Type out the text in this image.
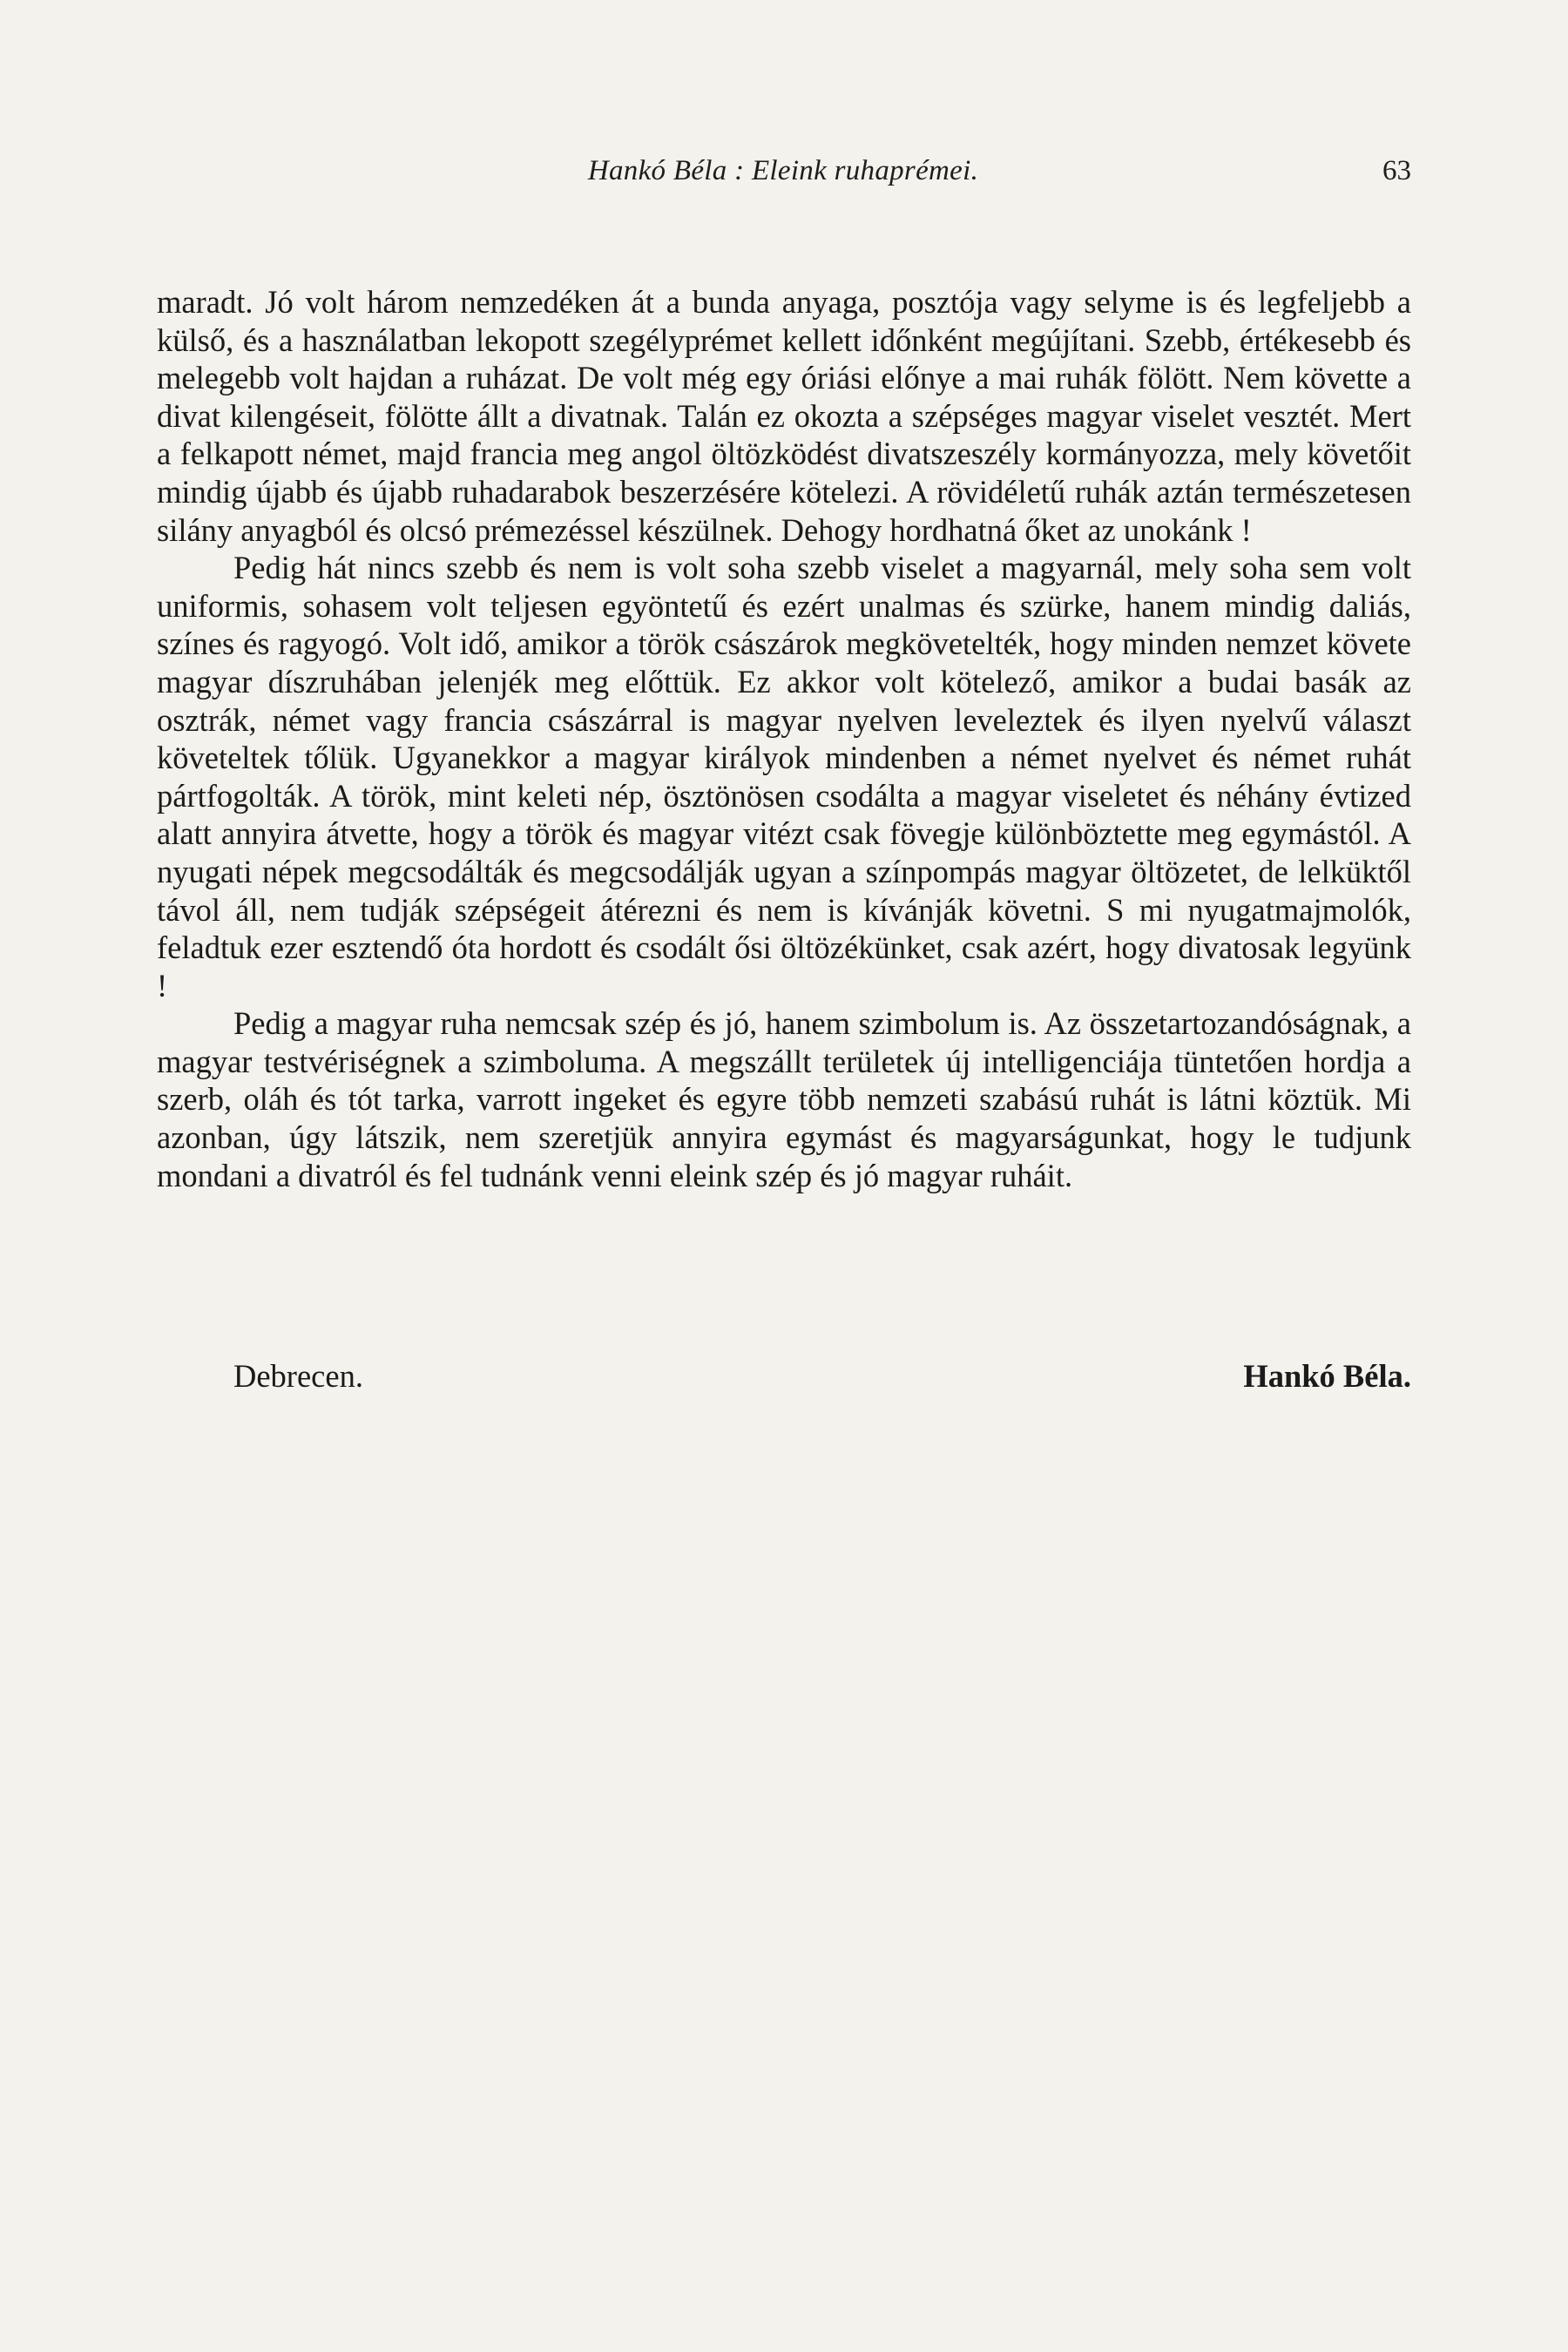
Hankó Béla : Eleink ruhaprémei.	63

maradt. Jó volt három nemzedéken át a bunda anyaga, posztója vagy selyme is és legfeljebb a külső, és a használatban lekopott szegélyprémet kellett időnként megújítani. Szebb, értékesebb és melegebb volt hajdan a ruházat. De volt még egy óriási előnye a mai ruhák fölött. Nem követte a divat kilengéseit, fölötte állt a divatnak. Talán ez okozta a szépséges magyar viselet vesztét. Mert a felkapott német, majd francia meg angol öltözködést divatszeszély kormányozza, mely követőit mindig újabb és újabb ruhadarabok beszerzésére kötelezi. A rövidéletű ruhák aztán természetesen silány anyagból és olcsó prémezéssel készülnek. Dehogy hordhatná őket az unokánk !

Pedig hát nincs szebb és nem is volt soha szebb viselet a magyarnál, mely soha sem volt uniformis, sohasem volt teljesen egyöntetű és ezért unalmas és szürke, hanem mindig daliás, színes és ragyogó. Volt idő, amikor a török császárok megkövetelték, hogy minden nemzet követe magyar díszruhában jelenjék meg előttük. Ez akkor volt kötelező, amikor a budai basák az osztrák, német vagy francia császárral is magyar nyelven leveleztek és ilyen nyelvű választ követeltek tőlük. Ugyanekkor a magyar királyok mindenben a német nyelvet és német ruhát pártfogolták. A török, mint keleti nép, ösztönösen csodálta a magyar viseletet és néhány évtized alatt annyira átvette, hogy a török és magyar vitézt csak fövegje különböztette meg egymástól. A nyugati népek megcsodálták és megcsodálják ugyan a színpompás magyar öltözetet, de lelküktől távol áll, nem tudják szépségeit átérezni és nem is kívánják követni. S mi nyugatmajmolók, feladtuk ezer esztendő óta hordott és csodált ősi öltözékünket, csak azért, hogy divatosak legyünk !

Pedig a magyar ruha nemcsak szép és jó, hanem szimbolum is. Az összetartozandóságnak, a magyar testvériségnek a szimboluma. A megszállt területek új intelligenciája tüntetően hordja a szerb, oláh és tót tarka, varrott ingeket és egyre több nemzeti szabású ruhát is látni köztük. Mi azonban, úgy látszik, nem szeretjük annyira egymást és magyarságunkat, hogy le tudjunk mondani a divatról és fel tudnánk venni eleink szép és jó magyar ruháit.

Debrecen.	Hankó Béla.
